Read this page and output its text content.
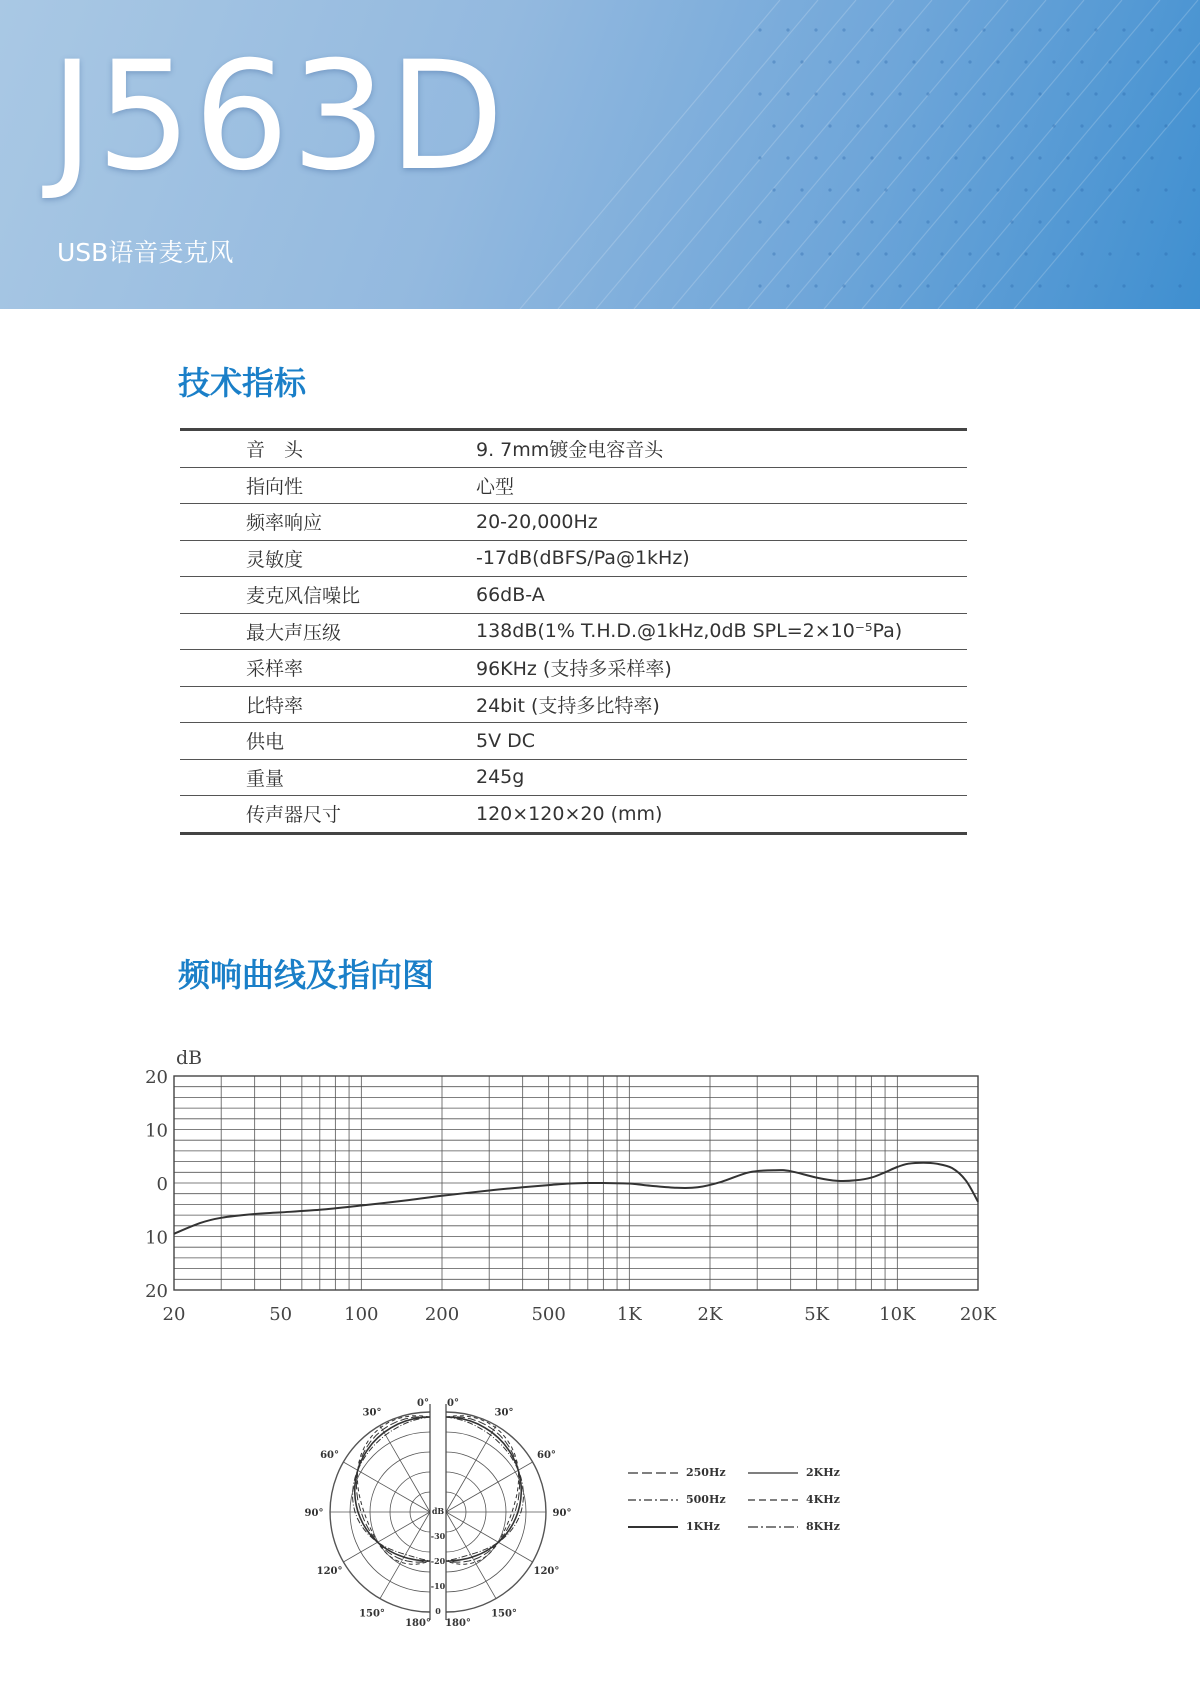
J563D
USB语音麦克风
技术指标
音　头	9. 7mm镀金电容音头
指向性	心型
频率响应	20-20,000Hz
灵敏度	-17dB(dBFS/Pa@1kHz)
麦克风信噪比	66dB-A
最大声压级	138dB(1% T.H.D.@1kHz,0dB SPL=2×10⁻⁵Pa)
采样率	96KHz (支持多采样率)
比特率	24bit (支持多比特率)
供电	5V DC
重量	245g
传声器尺寸	120×120×20 (mm)
频响曲线及指向图
dB
20
10
0
10
20
20	50	100	200	500	1K	2K	5K	10K 20K
0° 0°
30°	30°
60°	60°
90°	90°
120°	120°
150°	150°
180° 180°
dB
-30
-20
-10
0
250Hz	2KHz
500Hz	4KHz
1KHz	8KHz
